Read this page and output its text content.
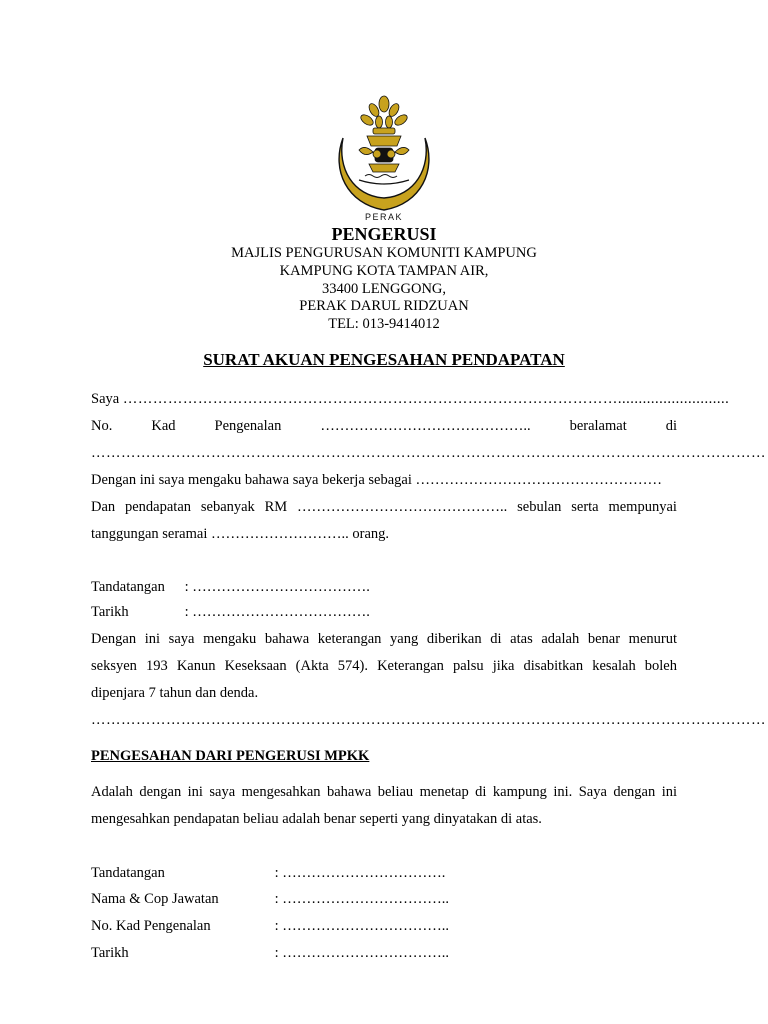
PERAK
PENGERUSI
MAJLIS PENGURUSAN KOMUNITI KAMPUNG
KAMPUNG KOTA TAMPAN AIR,
33400 LENGGONG,
PERAK DARUL RIDZUAN
TEL: 013-9414012
SURAT AKUAN PENGESAHAN PENDAPATAN
Saya ………………………………………………………………………………………...........................
No.	Kad	Pengenalan	……………………………………..	beralamat	di
………………………………………………………………………………………………………………………
Dengan ini saya mengaku bahawa saya bekerja sebagai ……………………………………………
Dan pendapatan sebanyak RM …………………………………….. sebulan serta mempunyai
tanggungan seramai ……………………….. orang.
Tandatangan : ……………………………….
Tarikh	: ……………………………….
Dengan ini saya mengaku bahawa keterangan yang diberikan di atas adalah benar menurut
seksyen 193 Kanun Keseksaan (Akta 574). Keterangan palsu jika disabitkan kesalah boleh
dipenjara 7 tahun dan denda.
………………………………………………………………………………………………………………………
PENGESAHAN DARI PENGERUSI MPKK
Adalah dengan ini saya mengesahkan bahawa beliau menetap di kampung ini. Saya dengan ini
mengesahkan pendapatan beliau adalah benar seperti yang dinyatakan di atas.
Tandatangan	: …………………………….
Nama & Cop Jawatan	: ……………………………..
No. Kad Pengenalan	: ……………………………..
Tarikh	: ……………………………..
